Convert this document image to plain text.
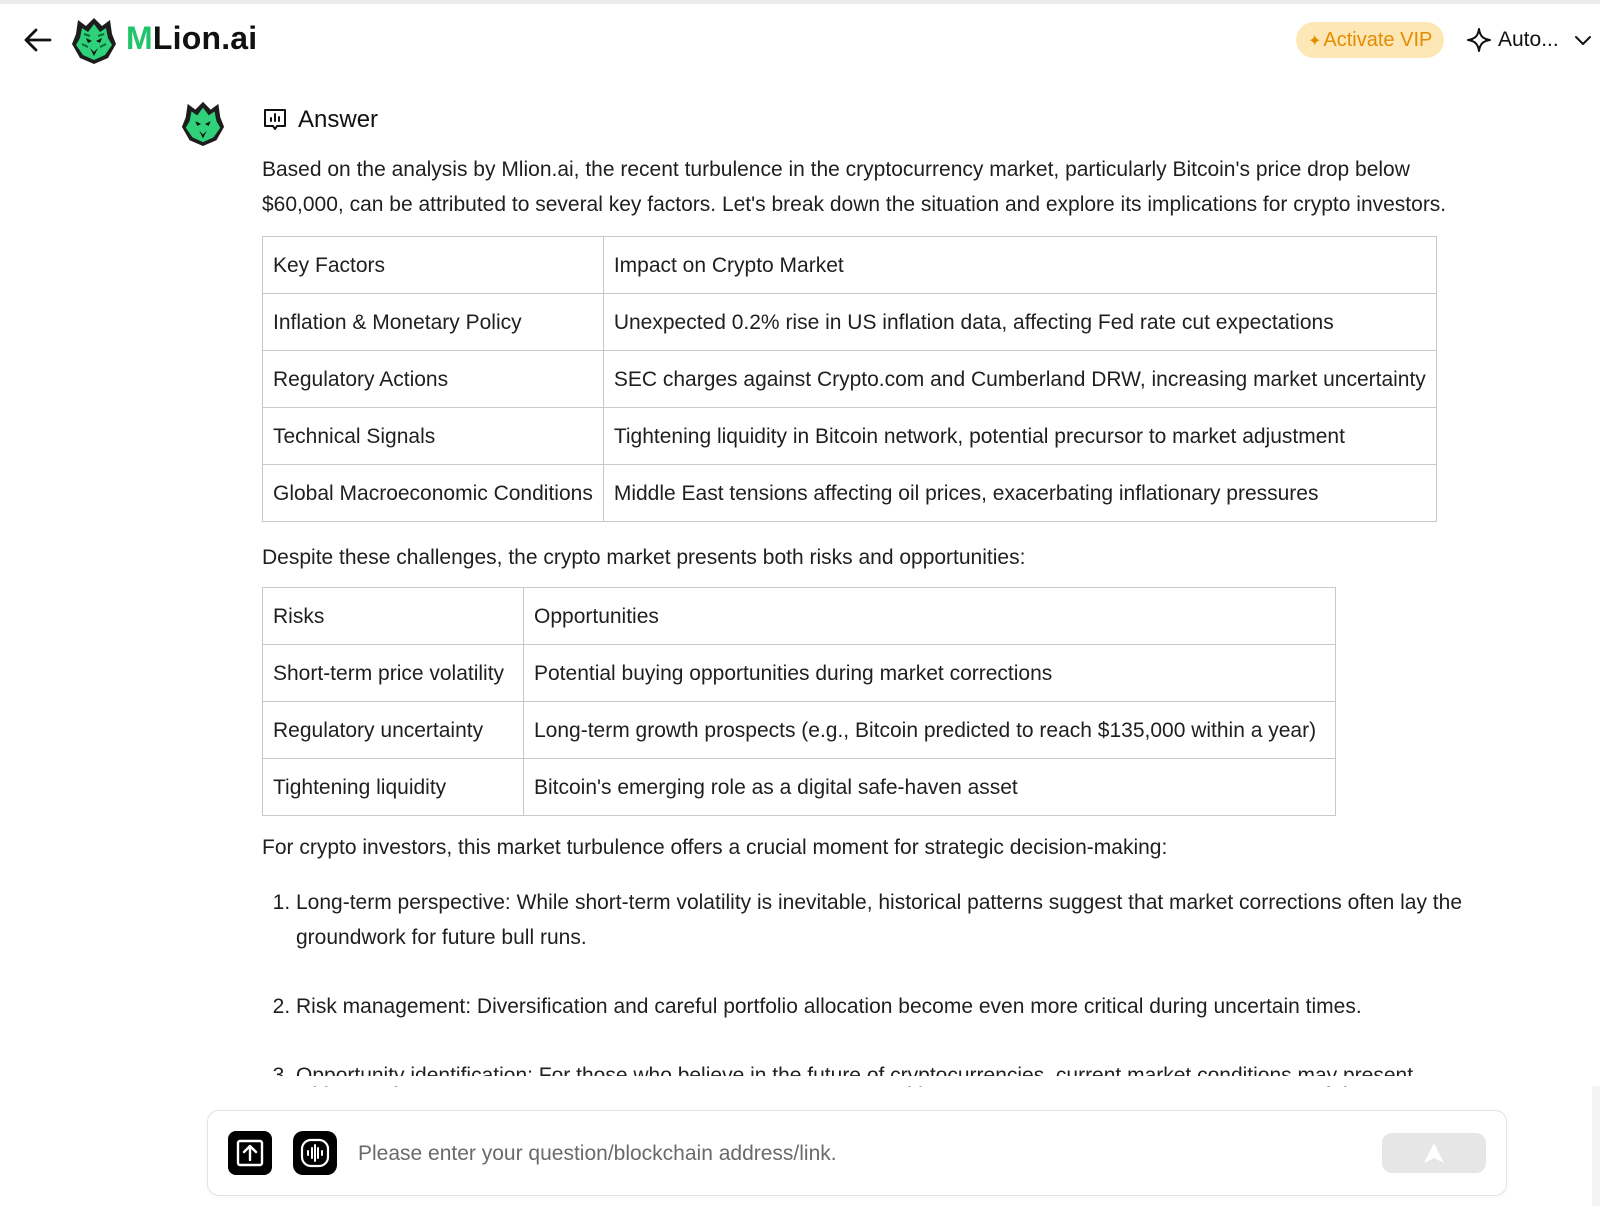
MLion.ai	✦ Activate VIP	Auto...
Answer

Based on the analysis by Mlion.ai, the recent turbulence in the cryptocurrency market, particularly Bitcoin's price drop below $60,000, can be attributed to several key factors. Let's break down the situation and explore its implications for crypto investors.

Key Factors	Impact on Crypto Market
Inflation & Monetary Policy	Unexpected 0.2% rise in US inflation data, affecting Fed rate cut expectations
Regulatory Actions	SEC charges against Crypto.com and Cumberland DRW, increasing market uncertainty
Technical Signals	Tightening liquidity in Bitcoin network, potential precursor to market adjustment
Global Macroeconomic Conditions	Middle East tensions affecting oil prices, exacerbating inflationary pressures

Despite these challenges, the crypto market presents both risks and opportunities:

Risks	Opportunities
Short-term price volatility	Potential buying opportunities during market corrections
Regulatory uncertainty	Long-term growth prospects (e.g., Bitcoin predicted to reach $135,000 within a year)
Tightening liquidity	Bitcoin's emerging role as a digital safe-haven asset

For crypto investors, this market turbulence offers a crucial moment for strategic decision-making:

1. Long-term perspective: While short-term volatility is inevitable, historical patterns suggest that market corrections often lay the groundwork for future bull runs.
2. Risk management: Diversification and careful portfolio allocation become even more critical during uncertain times.
3.
Please enter your question/blockchain address/link.
